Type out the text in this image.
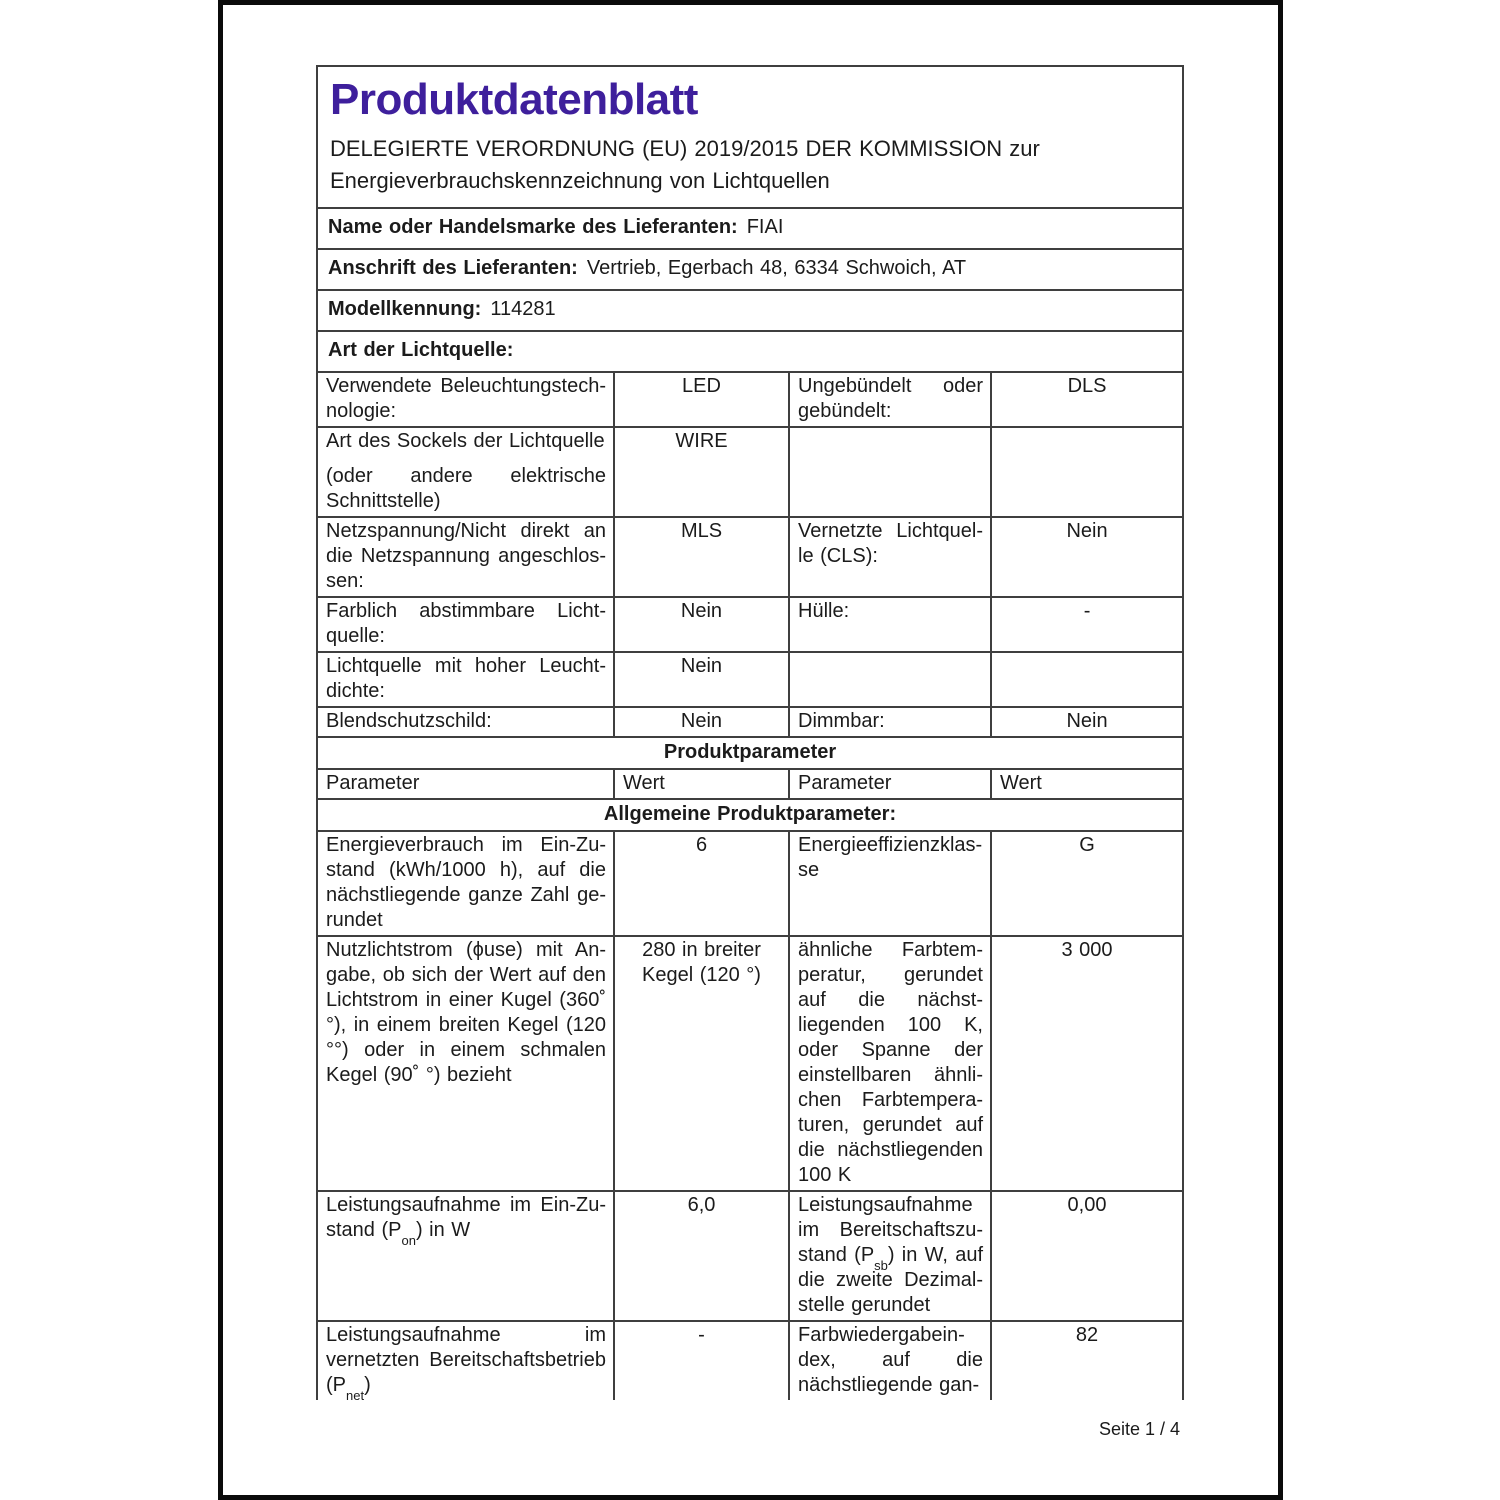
Produktdatenblatt
DELEGIERTE VERORDNUNG (EU) 2019/2015 DER KOMMISSION zur Energieverbrauchskennzeichnung von Lichtquellen			

Name oder Handelsmarke des Lieferanten: FIAI			
Anschrift des Lieferanten: Vertrieb, Egerbach 48, 6334 Schwoich, AT			
Modellkennung: 114281			
Art der Lichtquelle:			
Verwendete Beleuchtungstechnologie:	LED	Ungebündelt oder gebündelt:	DLS

Art des Sockels der Lichtquelle
(oder andere elektrische Schnittstelle)	WIRE		
Netzspannung/Nicht direkt an die Netzspannung angeschlossen:	MLS	Vernetzte Lichtquelle (CLS):	Nein
Farblich abstimmbare Lichtquelle:	Nein	Hülle:	-
Lichtquelle mit hoher Leuchtdichte:	Nein		
Blendschutzschild:	Nein	Dimmbar:	Nein
Produktparameter			
Parameter	Wert	Parameter	Wert
Allgemeine Produktparameter:			
Energieverbrauch im Ein-Zustand (kWh/1000 h), auf die nächstliegende ganze Zahl gerundet	6	Energieeffizienzklasse	G
Nutzlichtstrom (ϕuse) mit Angabe, ob sich der Wert auf den Lichtstrom in einer Kugel (360˚ °), in einem breiten Kegel (120 °°) oder in einem schmalen Kegel (90˚ °) bezieht	280 in breiter Kegel (120 °)	ähnliche Farbtemperatur, gerundet auf die nächstliegenden 100 K, oder Spanne der einstellbaren ähnlichen Farbtemperaturen, gerundet auf die nächstliegenden 100 K	3 000
Leistungsaufnahme im Ein-Zustand $(P_{on})$ in W	6,0	Leistungsaufnahme im Bereitschaftszustand $(P_{sb})$ in W, auf die zweite Dezimalstelle gerundet	0,00
Leistungsaufnahme im vernetzten Bereitschaftsbetrieb $(P_{net})$	-	Farbwiedergabeindex, auf die nächstliegende gan-	82
Seite 1 / 4
